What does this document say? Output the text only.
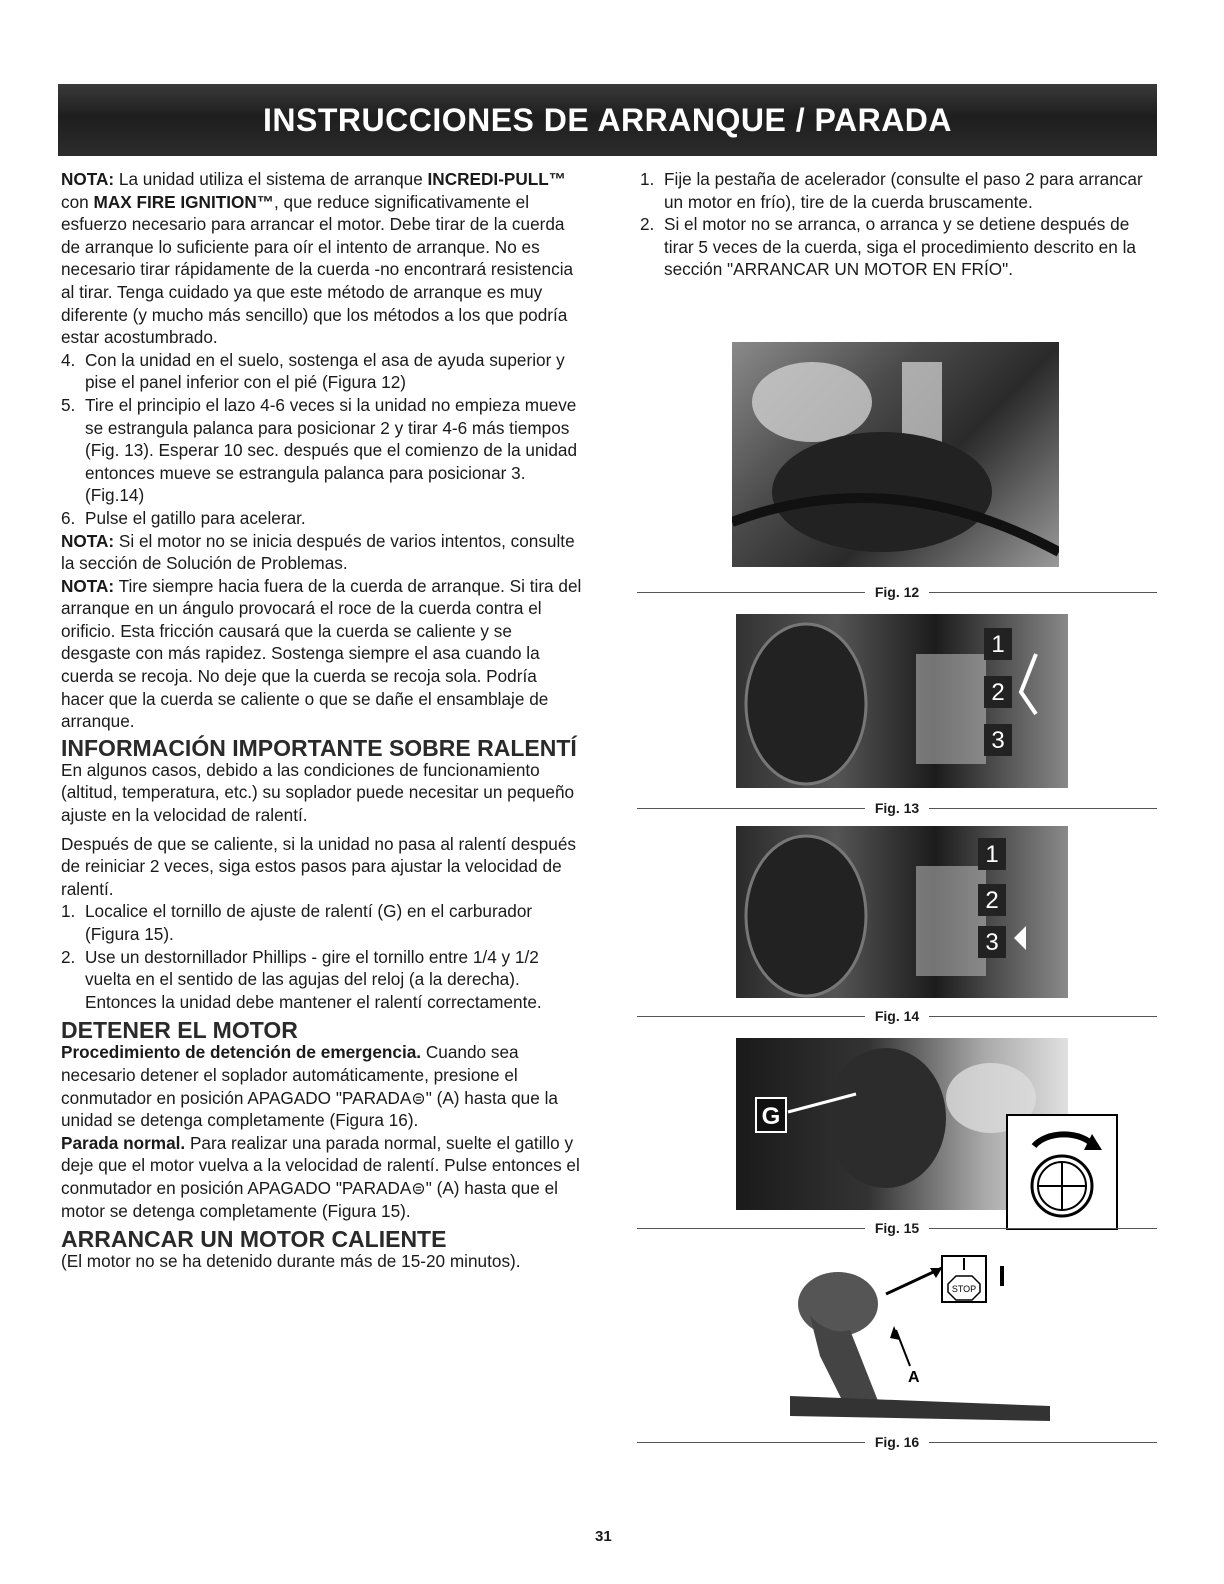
INSTRUCCIONES DE ARRANQUE / PARADA

NOTA: La unidad utiliza el sistema de arranque INCREDI-PULL™ con MAX FIRE IGNITION™, que reduce significativamente el esfuerzo necesario para arrancar el motor. Debe tirar de la cuerda de arranque lo suficiente para oír el intento de arranque. No es necesario tirar rápidamente de la cuerda -no encontrará resistencia al tirar. Tenga cuidado ya que este método de arranque es muy diferente (y mucho más sencillo) que los métodos a los que podría estar acostumbrado.

4. Con la unidad en el suelo, sostenga el asa de ayuda superior y pise el panel inferior con el pié (Figura 12)
5. Tire el principio el lazo 4-6 veces si la unidad no empieza mueve se estrangula palanca para posicionar 2 y tirar 4-6 más tiempos (Fig. 13). Esperar 10 sec. después que el comienzo de la unidad entonces mueve se estrangula palanca para posicionar 3. (Fig.14)
6. Pulse el gatillo para acelerar.

NOTA: Si el motor no se inicia después de varios intentos, consulte la sección de Solución de Problemas.

NOTA: Tire siempre hacia fuera de la cuerda de arranque. Si tira del arranque en un ángulo provocará el roce de la cuerda contra el orificio. Esta fricción causará que la cuerda se caliente y se desgaste con más rapidez. Sostenga siempre el asa cuando la cuerda se recoja. No deje que la cuerda se recoja sola. Podría hacer que la cuerda se caliente o que se dañe el ensamblaje de arranque.

INFORMACIÓN IMPORTANTE SOBRE RALENTÍ

En algunos casos, debido a las condiciones de funcionamiento (altitud, temperatura, etc.) su soplador puede necesitar un pequeño ajuste en la velocidad de ralentí.

Después de que se caliente, si la unidad no pasa al ralentí después de reiniciar 2 veces, siga estos pasos para ajustar la velocidad de ralentí.

1. Localice el tornillo de ajuste de ralentí (G) en el carburador (Figura 15).
2. Use un destornillador Phillips - gire el tornillo entre 1/4 y 1/2 vuelta en el sentido de las agujas del reloj (a la derecha). Entonces la unidad debe mantener el ralentí correctamente.
DETENER EL MOTOR

Procedimiento de detención de emergencia. Cuando sea necesario detener el soplador automáticamente, presione el conmutador en posición APAGADO "PARADA⊜" (A) hasta que la unidad se detenga completamente (Figura 16).

Parada normal. Para realizar una parada normal, suelte el gatillo y deje que el motor vuelva a la velocidad de ralentí. Pulse entonces el conmutador en posición APAGADO "PARADA⊜" (A) hasta que el motor se detenga completamente (Figura 15).

ARRANCAR UN MOTOR CALIENTE

(El motor no se ha detenido durante más de 15-20 minutos).

1. Fije la pestaña de acelerador (consulte el paso 2 para arrancar un motor en frío), tire de la cuerda bruscamente.
2. Si el motor no se arranca, o arranca y se detiene después de tirar 5 veces de la cuerda, siga el procedimiento descrito en la sección "ARRANCAR UN MOTOR EN FRÍO".
Fig. 12
1
2
3
Fig. 13
1
2
3
Fig. 14
G
Fig. 15
STOP
A
Fig. 16
31
